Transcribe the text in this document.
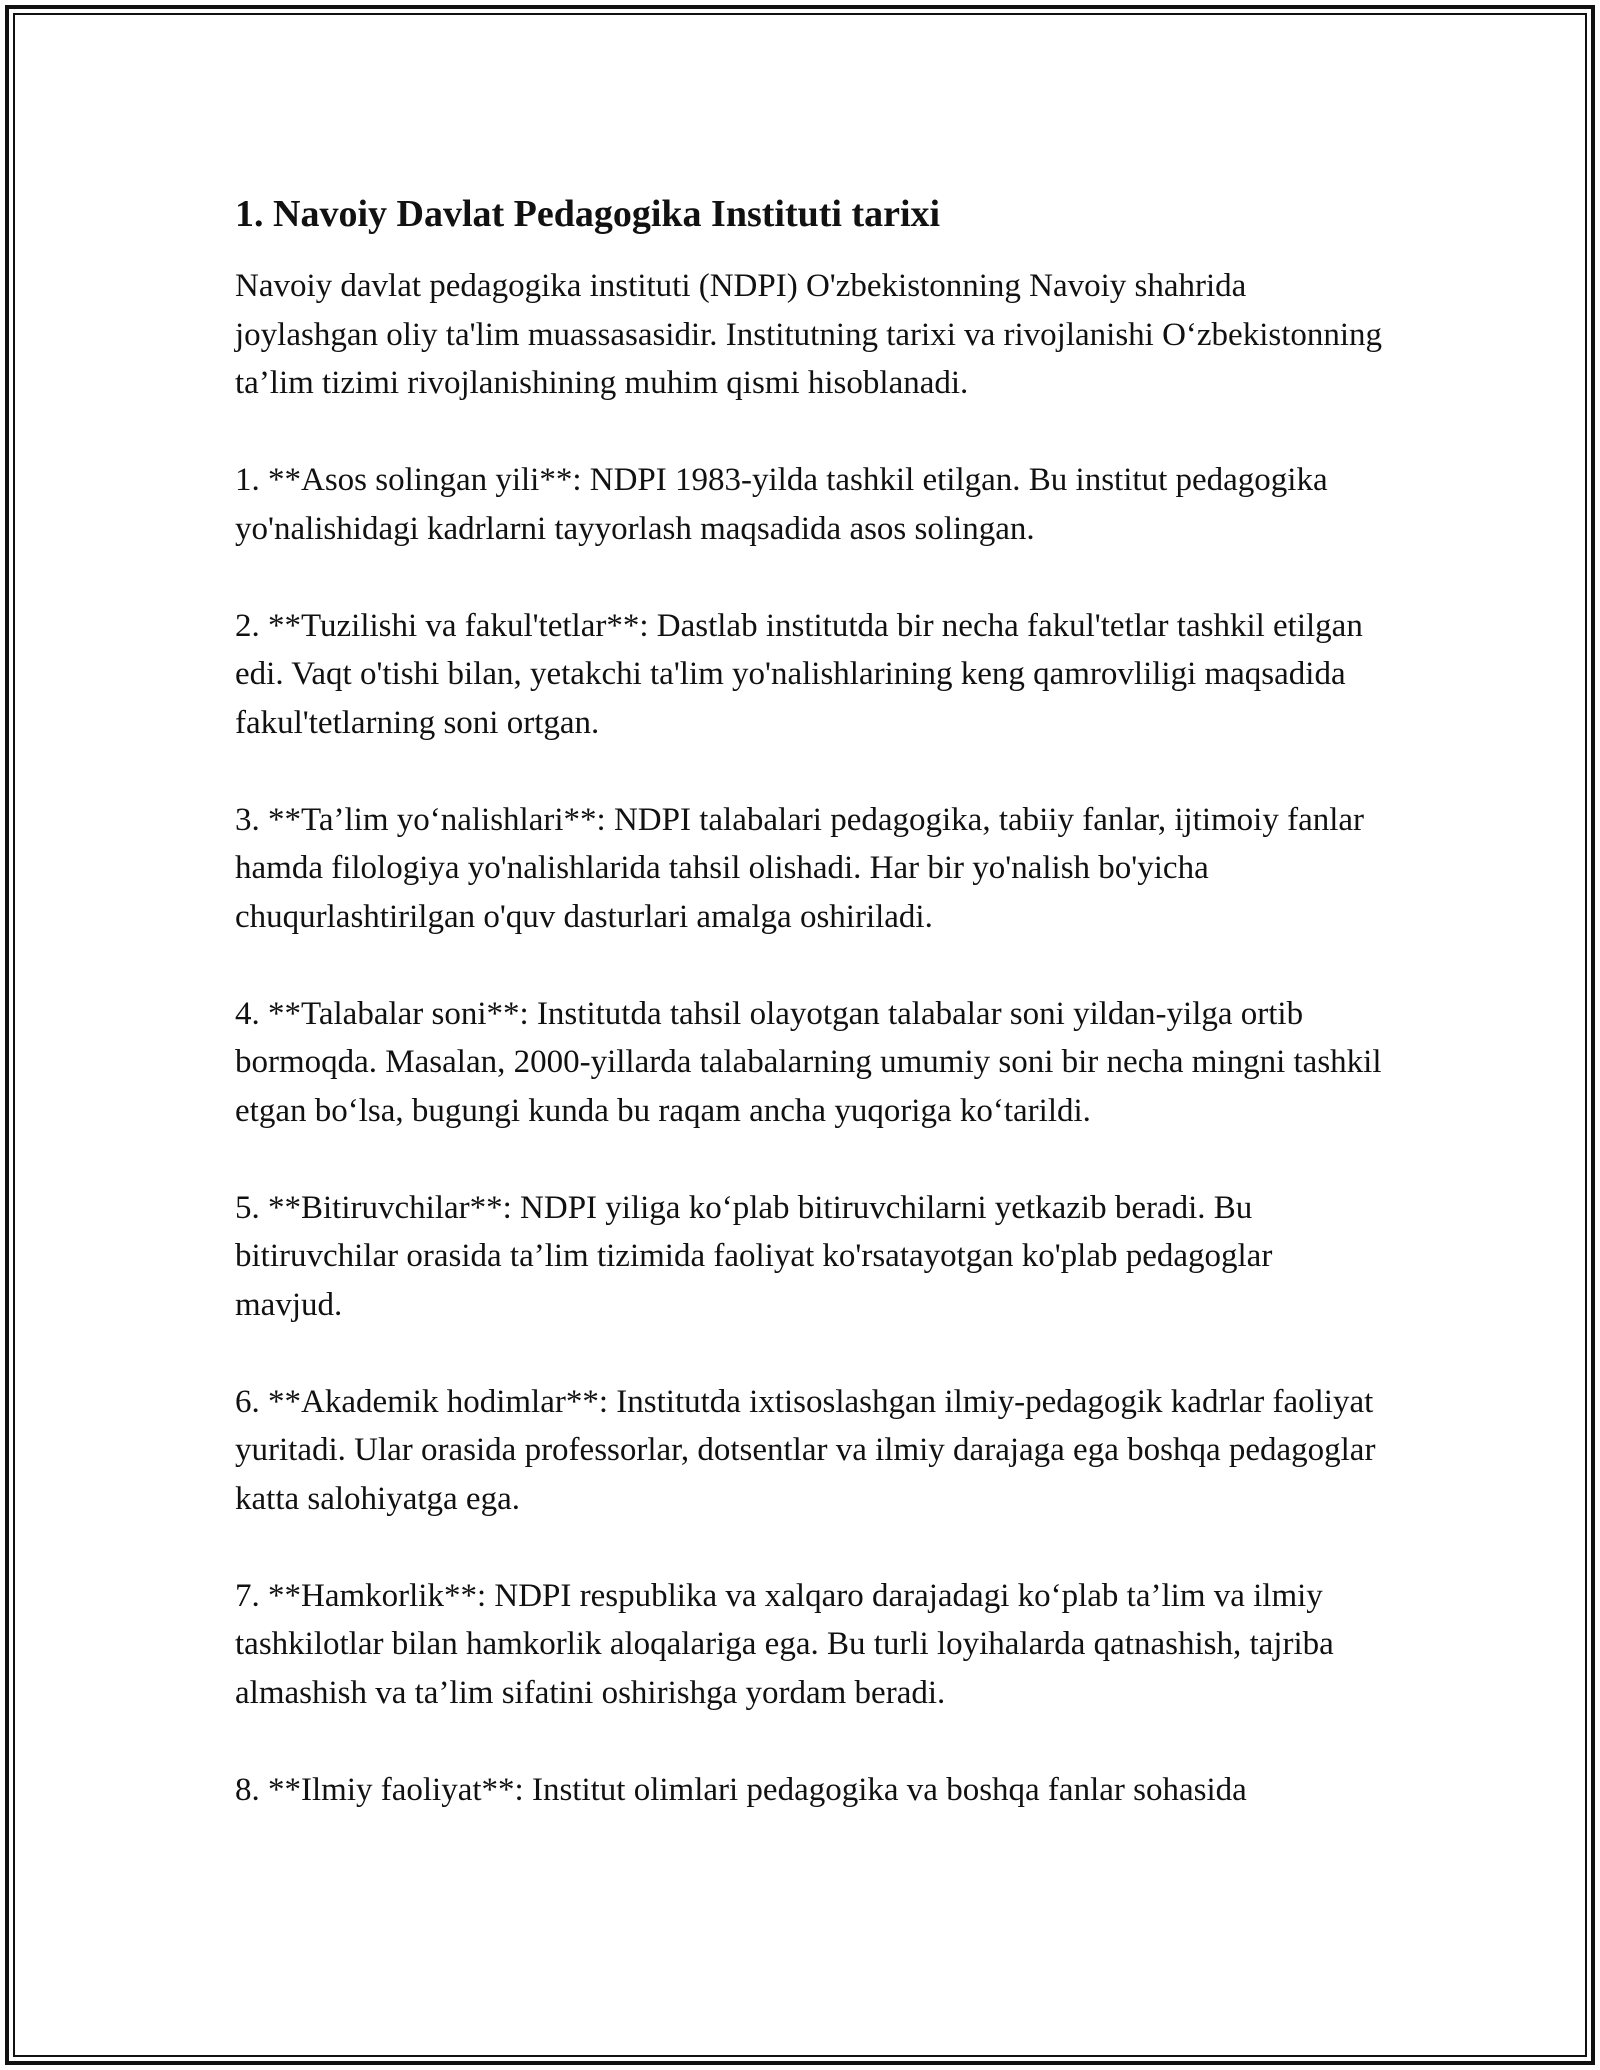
1. Navoiy Davlat Pedagogika Instituti tarixi

Navoiy davlat pedagogika instituti (NDPI) O'zbekistonning Navoiy shahrida joylashgan oliy ta'lim muassasasidir. Institutning tarixi va rivojlanishi O‘zbekistonning ta’lim tizimi rivojlanishining muhim qismi hisoblanadi.

1. **Asos solingan yili**: NDPI 1983-yilda tashkil etilgan. Bu institut pedagogika yo'nalishidagi kadrlarni tayyorlash maqsadida asos solingan.

2. **Tuzilishi va fakul'tetlar**: Dastlab institutda bir necha fakul'tetlar tashkil etilgan edi. Vaqt o'tishi bilan, yetakchi ta'lim yo'nalishlarining keng qamrovliligi maqsadida fakul'tetlarning soni ortgan.

3. **Ta’lim yo‘nalishlari**: NDPI talabalari pedagogika, tabiiy fanlar, ijtimoiy fanlar hamda filologiya yo'nalishlarida tahsil olishadi. Har bir yo'nalish bo'yicha chuqurlashtirilgan o'quv dasturlari amalga oshiriladi.

4. **Talabalar soni**: Institutda tahsil olayotgan talabalar soni yildan-yilga ortib bormoqda. Masalan, 2000-yillarda talabalarning umumiy soni bir necha mingni tashkil etgan bo‘lsa, bugungi kunda bu raqam ancha yuqoriga ko‘tarildi.

5. **Bitiruvchilar**: NDPI yiliga ko‘plab bitiruvchilarni yetkazib beradi. Bu bitiruvchilar orasida ta’lim tizimida faoliyat ko'rsatayotgan ko'plab pedagoglar mavjud.

6. **Akademik hodimlar**: Institutda ixtisoslashgan ilmiy-pedagogik kadrlar faoliyat yuritadi. Ular orasida professorlar, dotsentlar va ilmiy darajaga ega boshqa pedagoglar katta salohiyatga ega.

7. **Hamkorlik**: NDPI respublika va xalqaro darajadagi ko‘plab ta’lim va ilmiy tashkilotlar bilan hamkorlik aloqalariga ega. Bu turli loyihalarda qatnashish, tajriba almashish va ta’lim sifatini oshirishga yordam beradi.

8. **Ilmiy faoliyat**: Institut olimlari pedagogika va boshqa fanlar sohasida
